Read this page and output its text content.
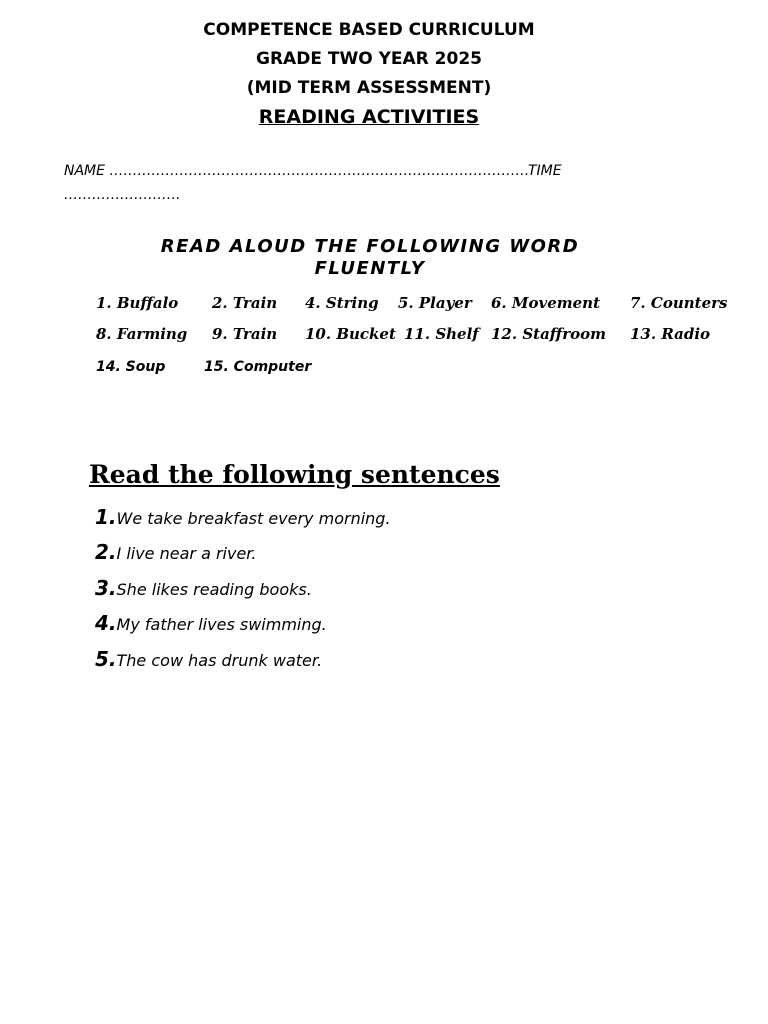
COMPETENCE BASED CURRICULUM
GRADE TWO YEAR 2025
(MID TERM ASSESSMENT)
READING ACTIVITIES
NAME ………………………………………………………………………………
TIME
…………………….
READ ALOUD THE FOLLOWING WORD
FLUENTLY
1. Buffalo 2. Train 4. String 5. Player 6. Movement 7. Counters
8. Farming 9. Train 10. Bucket 11. Shelf 12. Staffroom 13. Radio
14. Soup	15. Computer
Read the following sentences
1.We take breakfast every morning.
2.I live near a river.
3.She likes reading books.
4.My father lives swimming.
5.The cow has drunk water.
